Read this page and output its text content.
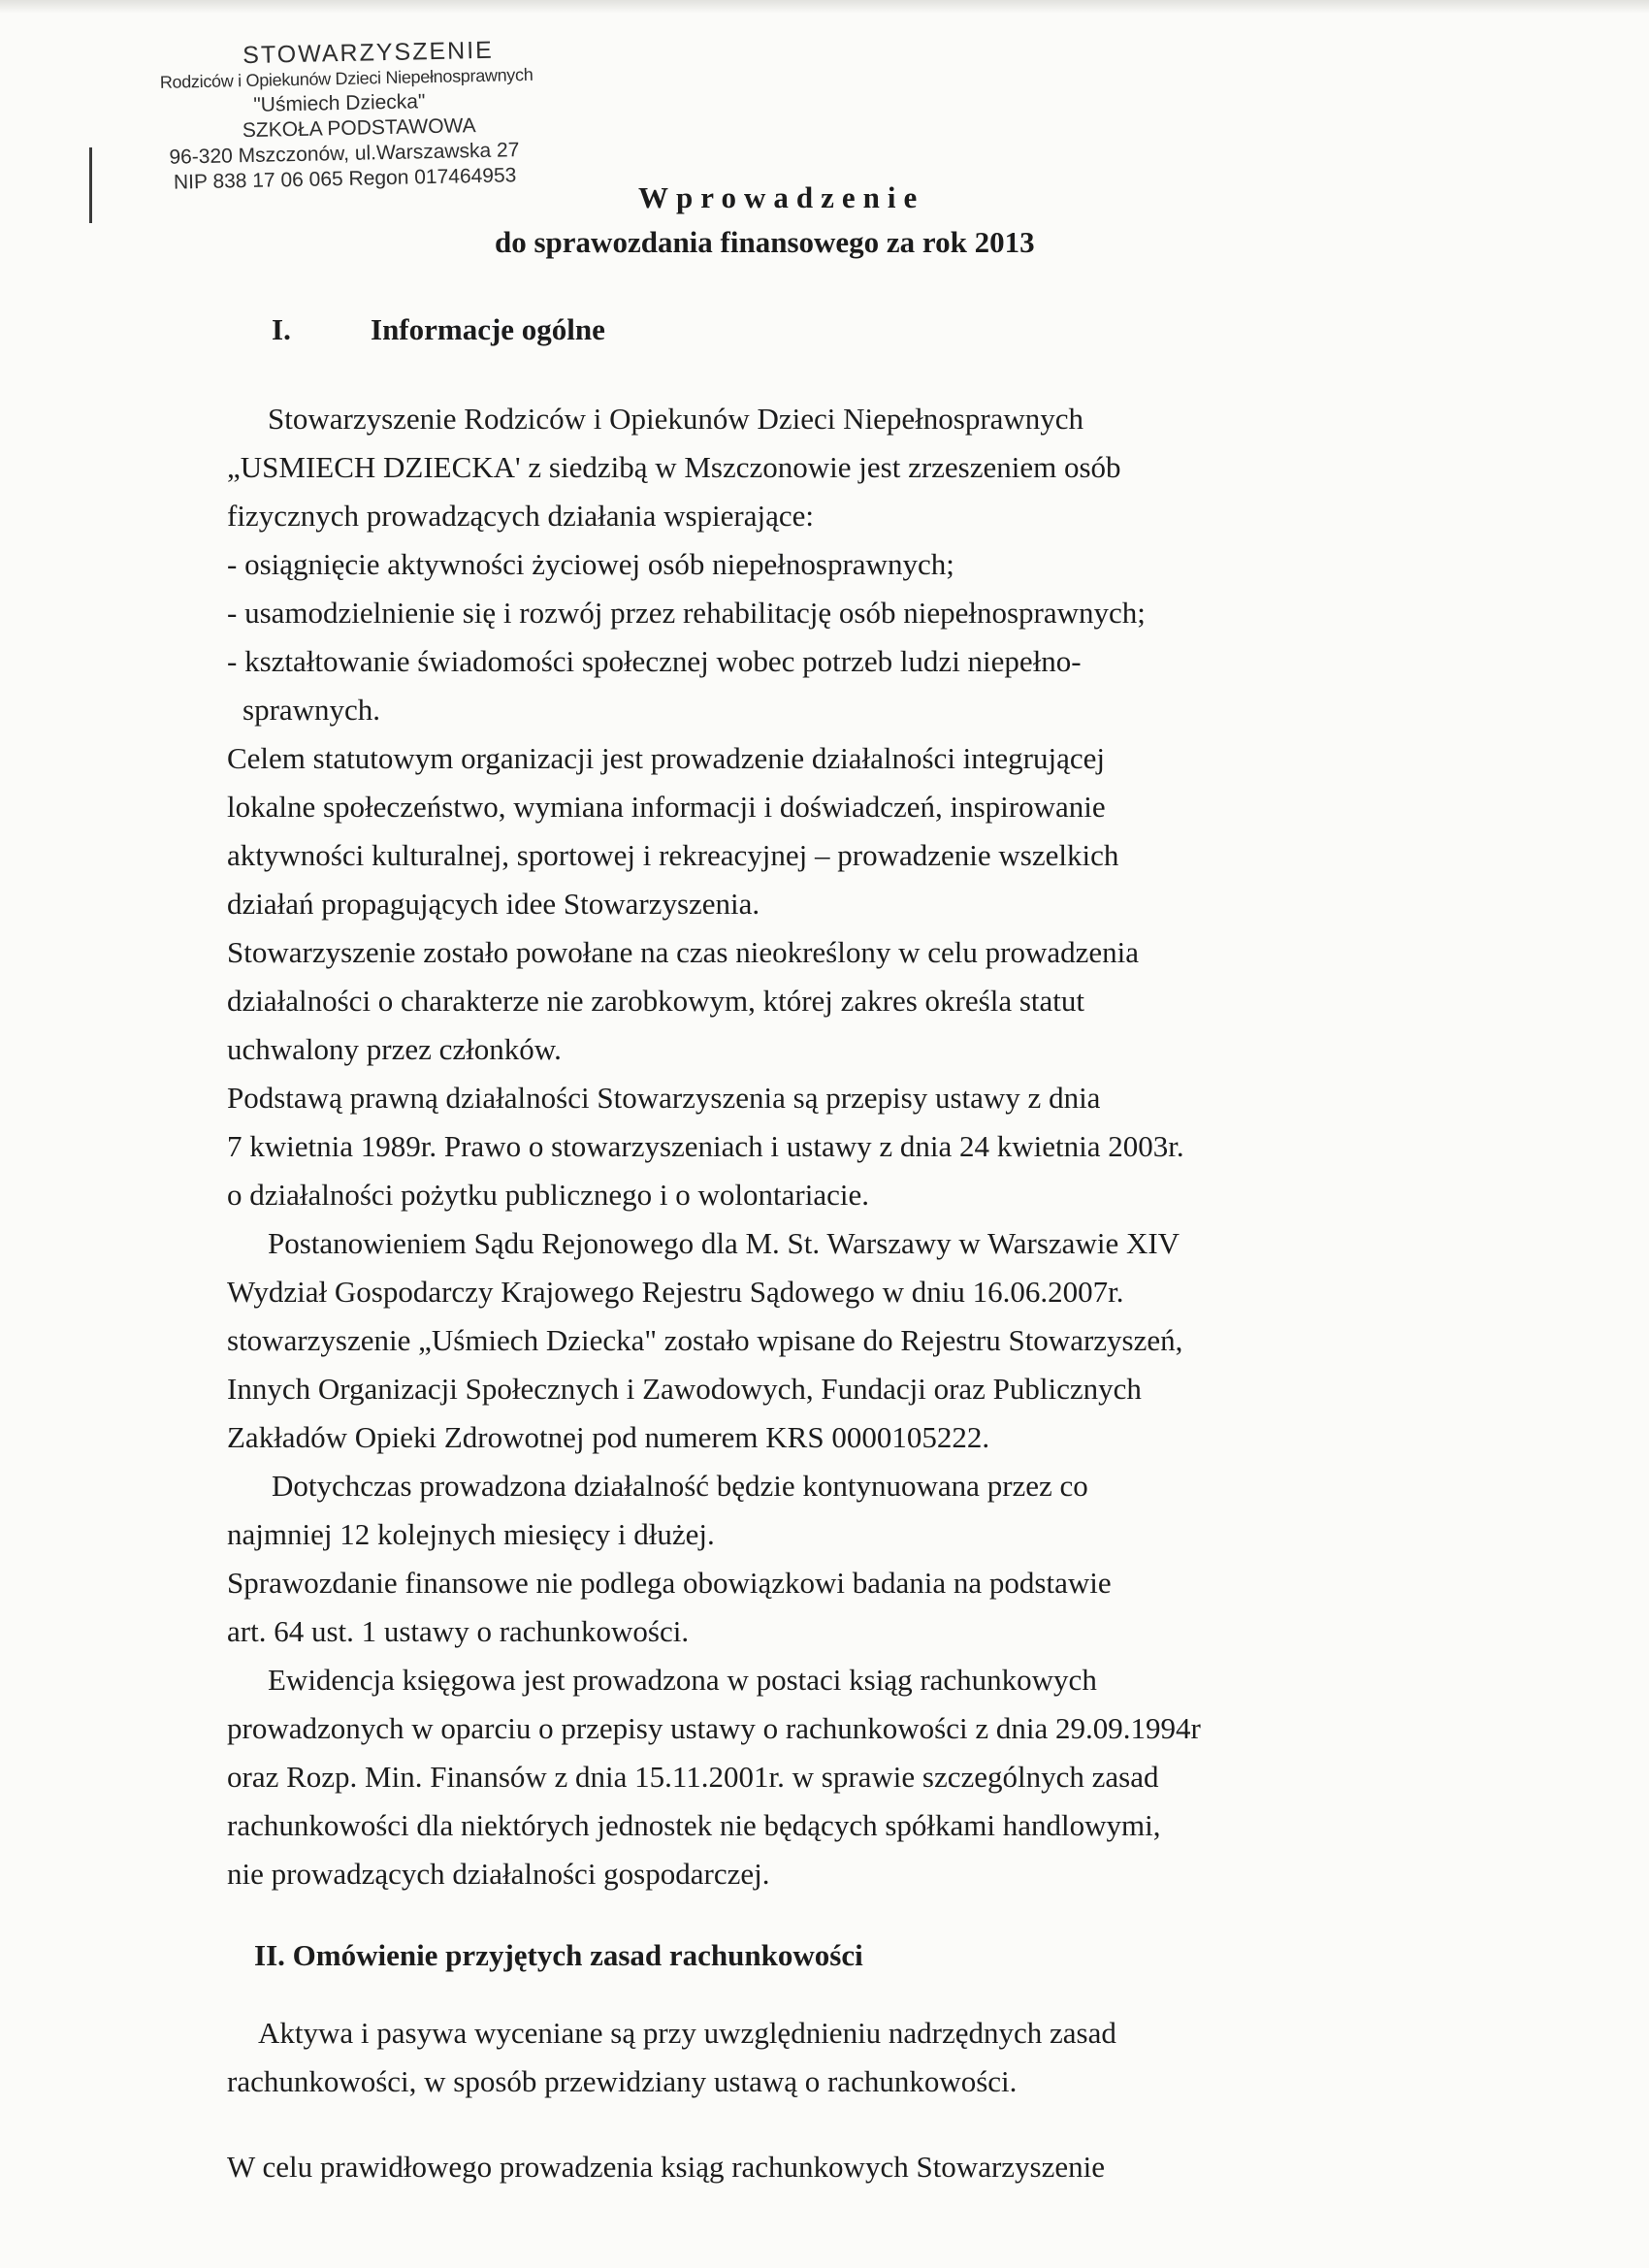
STOWARZYSZENIE
Rodziców i Opiekunów Dzieci Niepełnosprawnych
"Uśmiech Dziecka"
SZKOŁA PODSTAWOWA
96-320 Mszczonów, ul.Warszawska 27
NIP 838 17 06 065 Regon 017464953
Wprowadzenie
do sprawozdania finansowego za rok 2013
I.	Informacje ogólne
Stowarzyszenie Rodziców i Opiekunów Dzieci Niepełnosprawnych
„USMIECH DZIECKA' z siedzibą w Mszczonowie jest zrzeszeniem osób
fizycznych prowadzących działania wspierające:
- osiągnięcie aktywności życiowej osób niepełnosprawnych;
- usamodzielnienie się i rozwój przez rehabilitację osób niepełnosprawnych;
- kształtowanie świadomości społecznej wobec potrzeb ludzi niepełno-
sprawnych.
Celem statutowym organizacji jest prowadzenie działalności integrującej
lokalne społeczeństwo, wymiana informacji i doświadczeń, inspirowanie
aktywności kulturalnej, sportowej i rekreacyjnej – prowadzenie wszelkich
działań propagujących idee Stowarzyszenia.
Stowarzyszenie zostało powołane na czas nieokreślony w celu prowadzenia
działalności o charakterze nie zarobkowym, której zakres określa statut
uchwalony przez członków.
Podstawą prawną działalności Stowarzyszenia są przepisy ustawy z dnia
7 kwietnia 1989r. Prawo o stowarzyszeniach i ustawy z dnia 24 kwietnia 2003r.
o działalności pożytku publicznego i o wolontariacie.
Postanowieniem Sądu Rejonowego dla M. St. Warszawy w Warszawie XIV
Wydział Gospodarczy Krajowego Rejestru Sądowego w dniu 16.06.2007r.
stowarzyszenie „Uśmiech Dziecka" zostało wpisane do Rejestru Stowarzyszeń,
Innych Organizacji Społecznych i Zawodowych, Fundacji oraz Publicznych
Zakładów Opieki Zdrowotnej pod numerem KRS 0000105222.
Dotychczas prowadzona działalność będzie kontynuowana przez co
najmniej 12 kolejnych miesięcy i dłużej.
Sprawozdanie finansowe nie podlega obowiązkowi badania na podstawie
art. 64 ust. 1 ustawy o rachunkowości.
Ewidencja księgowa jest prowadzona w postaci ksiąg rachunkowych
prowadzonych w oparciu o przepisy ustawy o rachunkowości z dnia 29.09.1994r
oraz Rozp. Min. Finansów z dnia 15.11.2001r. w sprawie szczególnych zasad
rachunkowości dla niektórych jednostek nie będących spółkami handlowymi,
nie prowadzących działalności gospodarczej.
II. Omówienie przyjętych zasad rachunkowości
Aktywa i pasywa wyceniane są przy uwzględnieniu nadrzędnych zasad
rachunkowości, w sposób przewidziany ustawą o rachunkowości.
W celu prawidłowego prowadzenia ksiąg rachunkowych Stowarzyszenie
